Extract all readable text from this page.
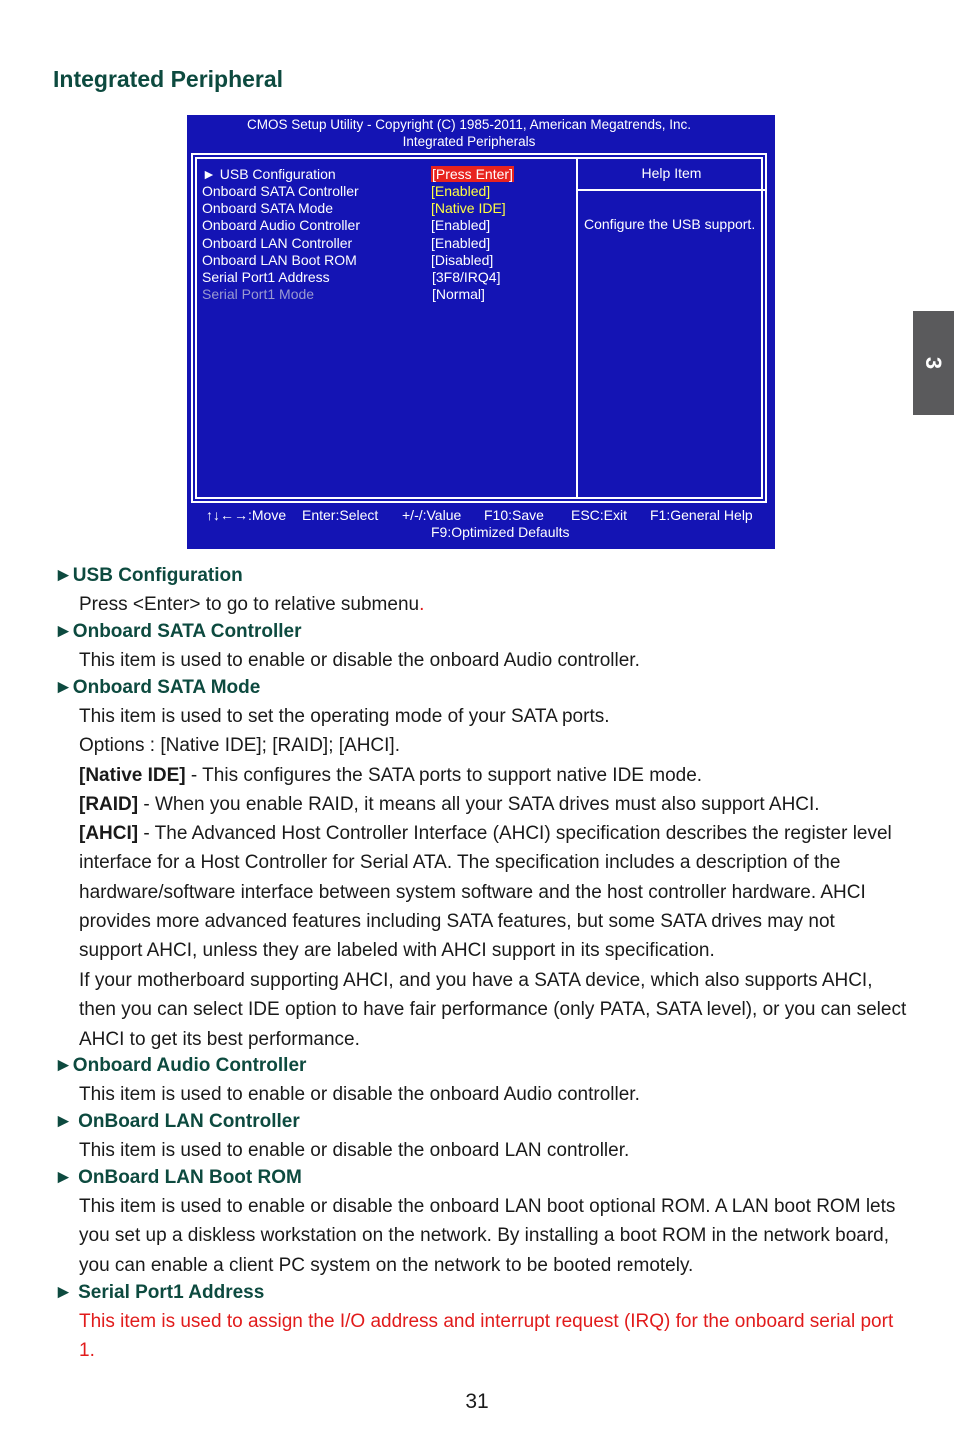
Integrated Peripheral
3
CMOS Setup Utility - Copyright (C) 1985-2011, American Megatrends, Inc.
Integrated Peripherals
► USB Configuration	[Press Enter]
Onboard SATA Controller	[Enabled]
Onboard SATA Mode	[Native IDE]
Onboard Audio Controller	[Enabled]
Onboard LAN Controller	[Enabled]
Onboard LAN Boot ROM	[Disabled]
Serial Port1 Address	[3F8/IRQ4]
Serial Port1 Mode	[Normal]
Help Item
Configure the USB support.
↑↓←→:Move Enter:Select +/-/:Value F10:Save ESC:Exit F1:General Help
F9:Optimized Defaults
►USB Configuration
Press <Enter> to go to relative submenu.
►Onboard SATA Controller
This item is used to enable or disable the onboard Audio controller.
►Onboard SATA Mode
This item is used to set the operating mode of your SATA ports.
Options : [Native IDE]; [RAID]; [AHCI].
[Native IDE] - This configures the SATA ports to support native IDE mode.
[RAID] - When you enable RAID, it means all your SATA drives must also support AHCI.
[AHCI] - The Advanced Host Controller Interface (AHCI) specification describes the register level interface for a Host Controller for Serial ATA. The specification includes a description of the hardware/software interface between system software and the host controller hardware. AHCI provides more advanced features including SATA features, but some SATA drives may not support AHCI, unless they are labeled with AHCI support in its specification.
If your motherboard supporting AHCI, and you have a SATA device, which also supports AHCI, then you can select IDE option to have fair performance (only PATA, SATA level), or you can select AHCI to get its best performance.
►Onboard Audio Controller
This item is used to enable or disable the onboard Audio controller.
► OnBoard LAN Controller
This item is used to enable or disable the onboard LAN controller.
► OnBoard LAN Boot ROM
This item is used to enable or disable the onboard LAN boot optional ROM. A LAN boot ROM lets you set up a diskless workstation on the network. By installing a boot ROM in the network board, you can enable a client PC system on the network to be booted remotely.
► Serial Port1 Address
This item is used to assign the I/O address and interrupt request (IRQ) for the onboard serial port 1.
31
